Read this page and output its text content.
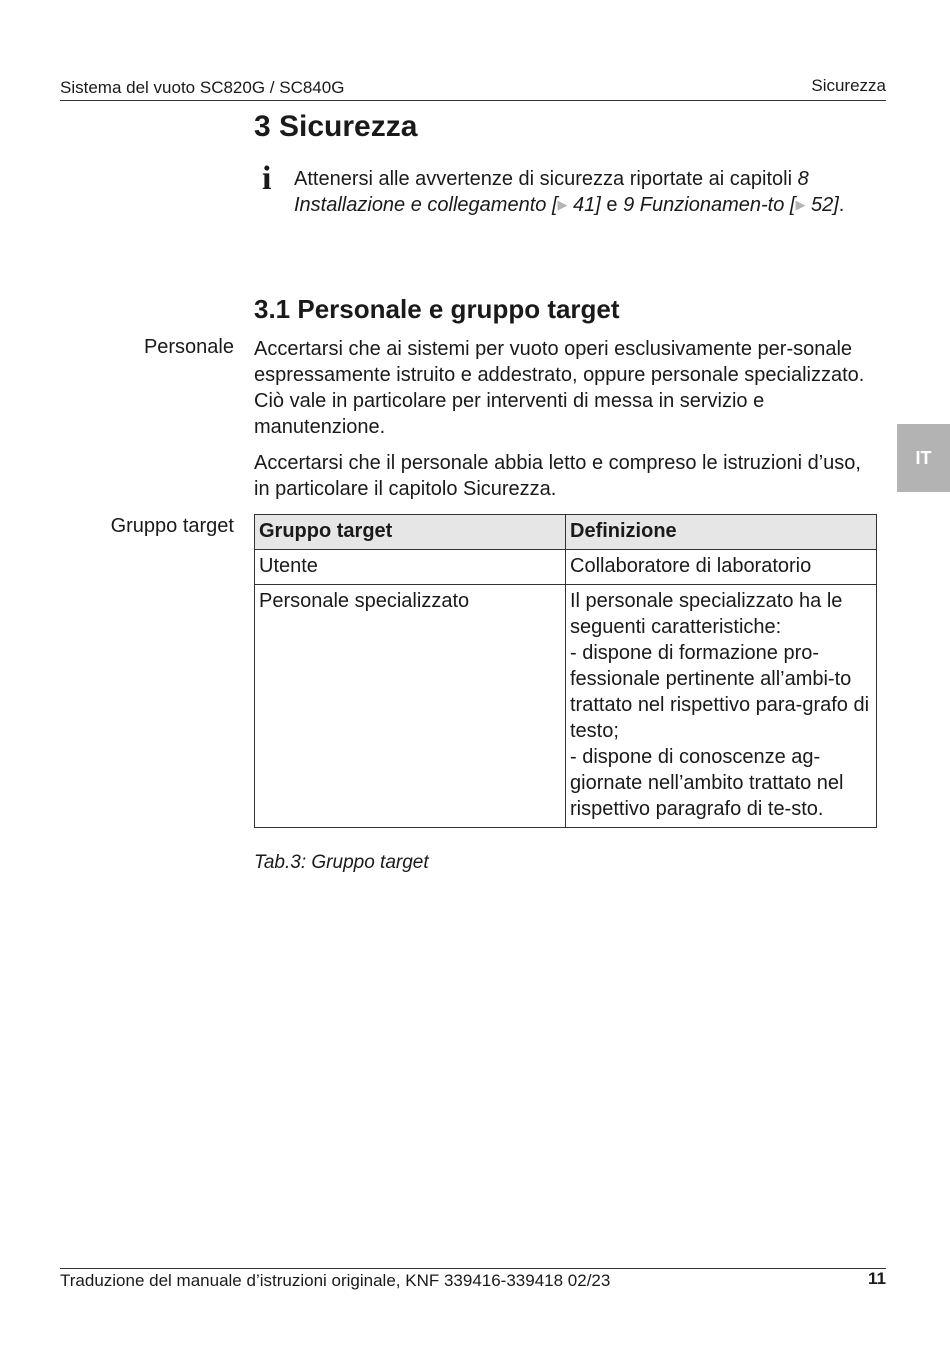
Sistema del vuoto SC820G / SC840G	Sicurezza
3 Sicurezza
i Attenersi alle avvertenze di sicurezza riportate ai capitoli 8 Installazione e collegamento [▶ 41] e 9 Funzionamen-to [▶ 52].
3.1 Personale e gruppo target
Personale Accertarsi che ai sistemi per vuoto operi esclusivamente per-sonale espressamente istruito e addestrato, oppure personale specializzato. Ciò vale in particolare per interventi di messa in servizio e manutenzione.
Accertarsi che il personale abbia letto e compreso le istruzioni d’uso, in particolare il capitolo Sicurezza.
IT
Gruppo target Gruppo target	Definizione
Utente	Collaboratore di laboratorio
Personale specializzato	Il personale specializzato ha le seguenti caratteristiche:
- dispone di formazione pro-fessionale pertinente all’ambi-to trattato nel rispettivo para-grafo di testo;
- dispone di conoscenze ag-giornate nell’ambito trattato nel rispettivo paragrafo di te-sto.
Tab.3: Gruppo target
Traduzione del manuale d’istruzioni originale, KNF 339416-339418 02/23	11
